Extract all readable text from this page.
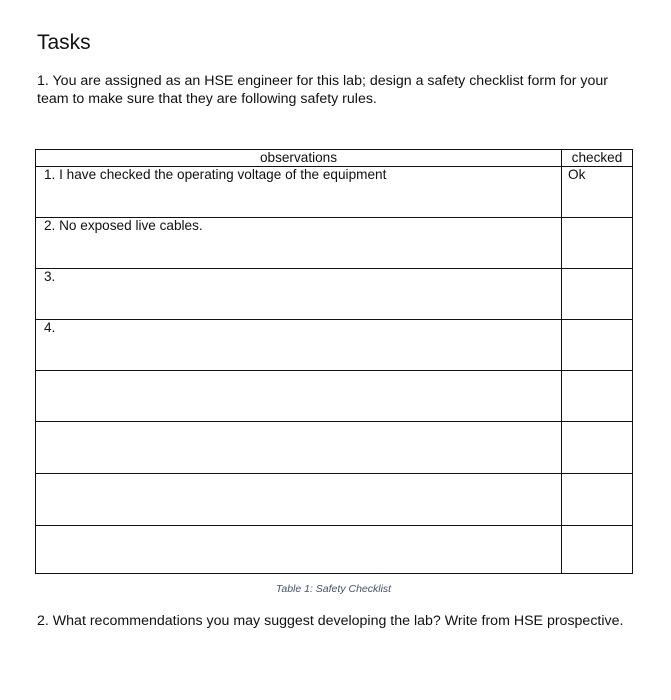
Tasks

1. You are assigned as an HSE engineer for this lab; design a safety checklist form for your team to make sure that they are following safety rules.

observations	checked
1. I have checked the operating voltage of the equipment	Ok
2. No exposed live cables.	
3.	
4.	

Table 1: Safety Checklist

2. What recommendations you may suggest developing the lab? Write from HSE prospective.
